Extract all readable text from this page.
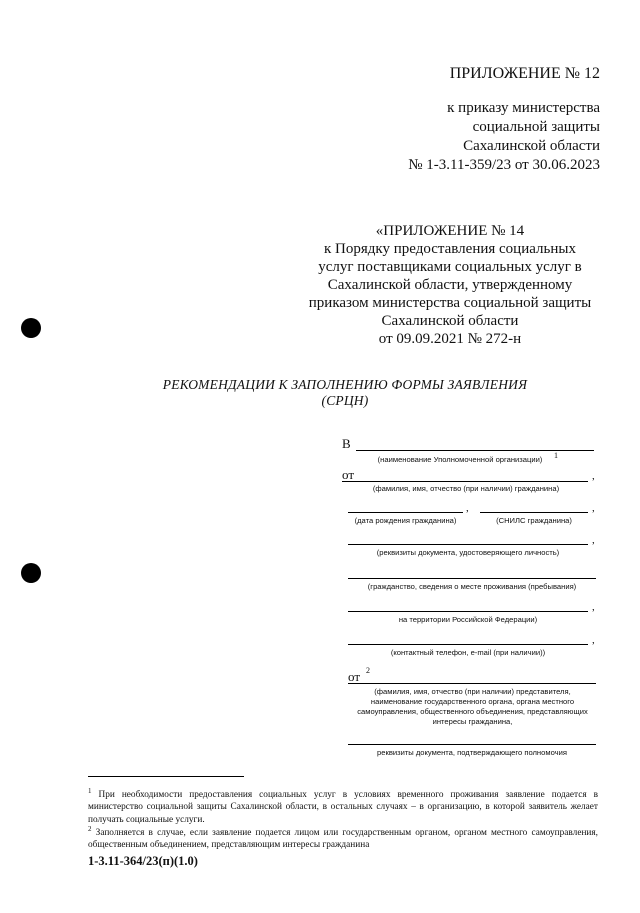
ПРИЛОЖЕНИЕ № 12
к приказу министерства
социальной защиты
Сахалинской области
№ 1-3.11-359/23 от 30.06.2023
«ПРИЛОЖЕНИЕ № 14
к Порядку предоставления социальных
услуг поставщиками социальных услуг в
Сахалинской области, утвержденному
приказом министерства социальной защиты
Сахалинской области
от 09.09.2021 № 272-н
РЕКОМЕНДАЦИИ К ЗАПОЛНЕНИЮ ФОРМЫ ЗАЯВЛЕНИЯ
(СРЦН)
В
(наименование Уполномоченной организации)	1
от	,
(фамилия, имя, отчество (при наличии) гражданина)
,	,
(дата рождения гражданина)	(СНИЛС гражданина)
,
(реквизиты документа, удостоверяющего личность)
(гражданство, сведения о месте проживания (пребывания)
,
на территории Российской Федерации)
,
(контактный телефон, e-mail (при наличии))
от 2
(фамилия, имя, отчество (при наличии) представителя,
наименование государственного органа, органа местного
самоуправления, общественного объединения, представляющих
интересы гражданина,
реквизиты документа, подтверждающего полномочия
$^1$ При необходимости предоставления социальных услуг в условиях временного проживания заявление подается в министерство социальной защиты Сахалинской области, в остальных случаях – в организацию, в которой заявитель желает получать социальные услуги.
$^2$ Заполняется в случае, если заявление подается лицом или государственным органом, органом местного самоуправления, общественным объединением, представляющим интересы гражданина
1-3.11-364/23(п)(1.0)
